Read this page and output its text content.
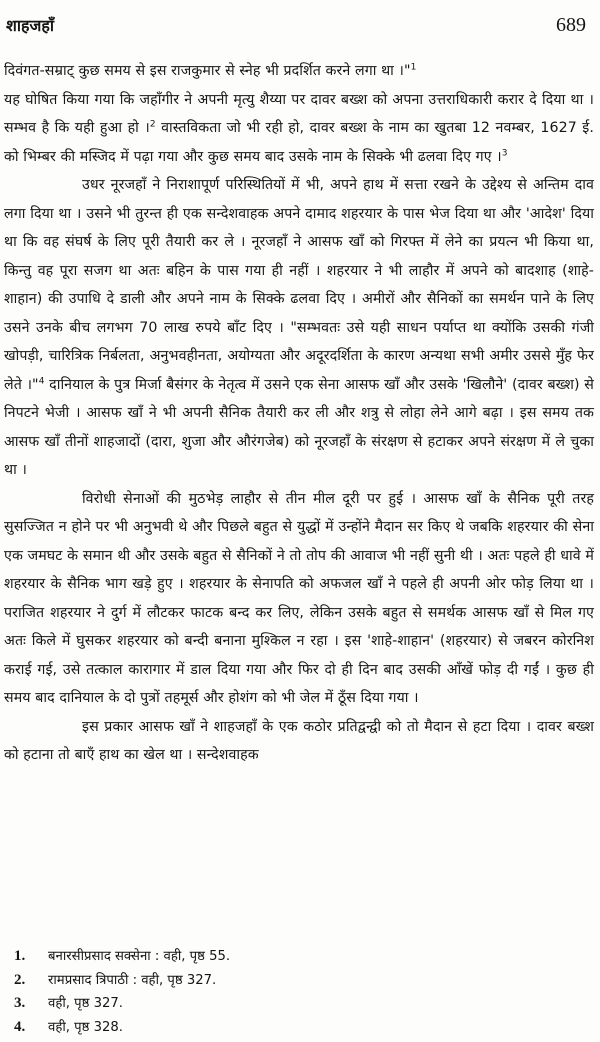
शाहजहाँ	689

दिवंगत-सम्राट् कुछ समय से इस राजकुमार से स्नेह भी प्रदर्शित करने लगा था ।"$^1$

यह घोषित किया गया कि जहाँगीर ने अपनी मृत्यु शैय्या पर दावर बख्श को अपना उत्तराधिकारी करार दे दिया था । सम्भव है कि यही हुआ हो ।$^2$ वास्तविकता जो भी रही हो, दावर बख्श के नाम का खुतबा 12 नवम्बर, 1627 ई. को भिम्बर की मस्जिद में पढ़ा गया और कुछ समय बाद उसके नाम के सिक्के भी ढलवा दिए गए ।$^3$

उधर नूरजहाँ ने निराशापूर्ण परिस्थितियों में भी, अपने हाथ में सत्ता रखने के उद्देश्य से अन्तिम दाव लगा दिया था । उसने भी तुरन्त ही एक सन्देशवाहक अपने दामाद शहरयार के पास भेज दिया था और 'आदेश' दिया था कि वह संघर्ष के लिए पूरी तैयारी कर ले । नूरजहाँ ने आसफ खाँ को गिरफ्त में लेने का प्रयत्न भी किया था, किन्तु वह पूरा सजग था अतः बहिन के पास गया ही नहीं । शहरयार ने भी लाहौर में अपने को बादशाह (शाहे-शाहान) की उपाधि दे डाली और अपने नाम के सिक्के ढलवा दिए । अमीरों और सैनिकों का समर्थन पाने के लिए उसने उनके बीच लगभग 70 लाख रुपये बाँट दिए । "सम्भवतः उसे यही साधन पर्याप्त था क्योंकि उसकी गंजी खोपड़ी, चारित्रिक निर्बलता, अनुभवहीनता, अयोग्यता और अदूरदर्शिता के कारण अन्यथा सभी अमीर उससे मुँह फेर लेते ।"$^4$ दानियाल के पुत्र मिर्जा बैसंगर के नेतृत्व में उसने एक सेना आसफ खाँ और उसके 'खिलौने' (दावर बख्श) से निपटने भेजी । आसफ खाँ ने भी अपनी सैनिक तैयारी कर ली और शत्रु से लोहा लेने आगे बढ़ा । इस समय तक आसफ खाँ तीनों शाहजादों (दारा, शुजा और औरंगजेब) को नूरजहाँ के संरक्षण से हटाकर अपने संरक्षण में ले चुका था ।

विरोधी सेनाओं की मुठभेड़ लाहौर से तीन मील दूरी पर हुई । आसफ खाँ के सैनिक पूरी तरह सुसज्जित न होने पर भी अनुभवी थे और पिछले बहुत से युद्धों में उन्होंने मैदान सर किए थे जबकि शहरयार की सेना एक जमघट के समान थी और उसके बहुत से सैनिकों ने तो तोप की आवाज भी नहीं सुनी थी । अतः पहले ही धावे में शहरयार के सैनिक भाग खड़े हुए । शहरयार के सेनापति को अफजल खाँ ने पहले ही अपनी ओर फोड़ लिया था । पराजित शहरयार ने दुर्ग में लौटकर फाटक बन्द कर लिए, लेकिन उसके बहुत से समर्थक आसफ खाँ से मिल गए अतः किले में घुसकर शहरयार को बन्दी बनाना मुश्किल न रहा । इस 'शाहे-शाहान' (शहरयार) से जबरन कोरनिश कराई गई, उसे तत्काल कारागार में डाल दिया गया और फिर दो ही दिन बाद उसकी आँखें फोड़ दी गईं । कुछ ही समय बाद दानियाल के दो पुत्रों तहमूर्स और होशंग को भी जेल में ठूँस दिया गया ।

इस प्रकार आसफ खाँ ने शाहजहाँ के एक कठोर प्रतिद्वन्द्वी को तो मैदान से हटा दिया । दावर बख्श को हटाना तो बाएँ हाथ का खेल था । सन्देशवाहक

1. बनारसीप्रसाद सक्सेना : वही, पृष्ठ 55.
2. रामप्रसाद त्रिपाठी : वही, पृष्ठ 327.
3. वही, पृष्ठ 327.
4. वही, पृष्ठ 328.
